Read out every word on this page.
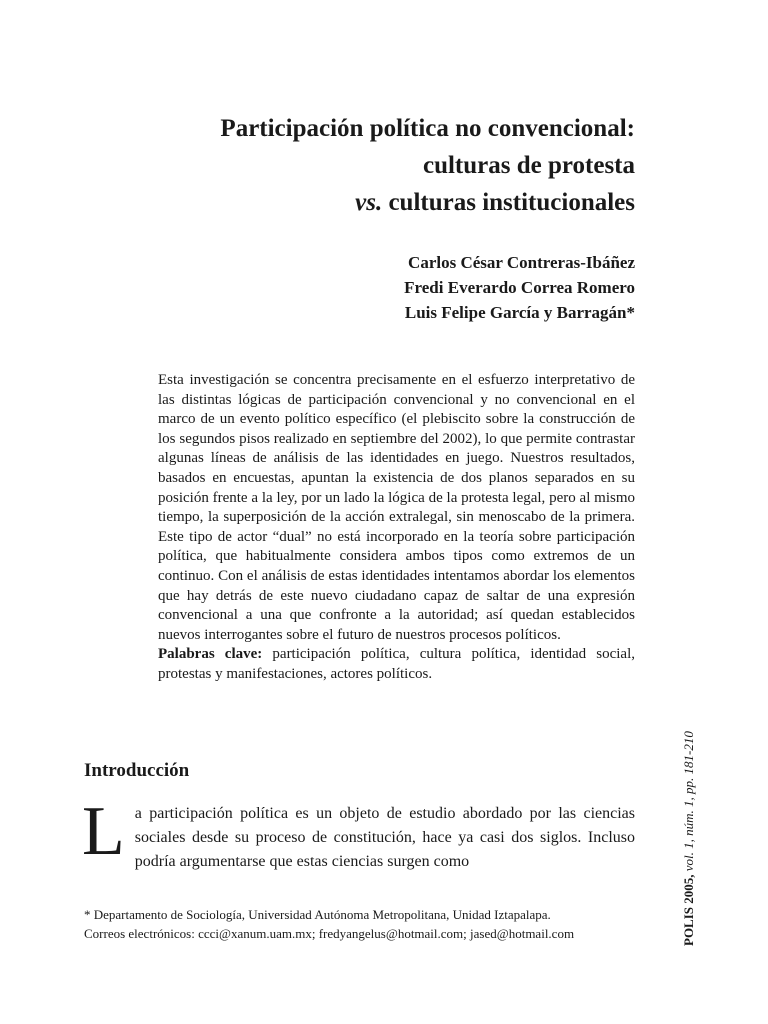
Participación política no convencional:
culturas de protesta
vs. culturas institucionales
Carlos César Contreras-Ibáñez
Fredi Everardo Correa Romero
Luis Felipe García y Barragán*

Esta investigación se concentra precisamente en el esfuerzo interpretativo de las distintas lógicas de participación convencional y no convencional en el marco de un evento político específico (el plebiscito sobre la construcción de los segundos pisos realizado en septiembre del 2002), lo que permite contrastar algunas líneas de análisis de las identidades en juego. Nuestros resultados, basados en encuestas, apuntan la existencia de dos planos separados en su posición frente a la ley, por un lado la lógica de la protesta legal, pero al mismo tiempo, la superposición de la acción extralegal, sin menoscabo de la primera. Este tipo de actor “dual” no está incorporado en la teoría sobre participación política, que habitualmente considera ambos tipos como extremos de un continuo. Con el análisis de estas identidades intentamos abordar los elementos que hay detrás de este nuevo ciudadano capaz de saltar de una expresión convencional a una que confronte a la autoridad; así quedan establecidos nuevos interrogantes sobre el futuro de nuestros procesos políticos.

Palabras clave: participación política, cultura política, identidad social, protestas y manifestaciones, actores políticos.

Introducción

La participación política es un objeto de estudio abordado por las ciencias sociales desde su proceso de constitución, hace ya casi dos siglos. Incluso podría argumentarse que estas ciencias surgen como

* Departamento de Sociología, Universidad Autónoma Metropolitana, Unidad Iztapalapa.

Correos electrónicos: ccci@xanum.uam.mx; fredyangelus@hotmail.com; jased@hotmail.com	POLIS 2005, vol. 1, núm. 1, pp. 181-210
